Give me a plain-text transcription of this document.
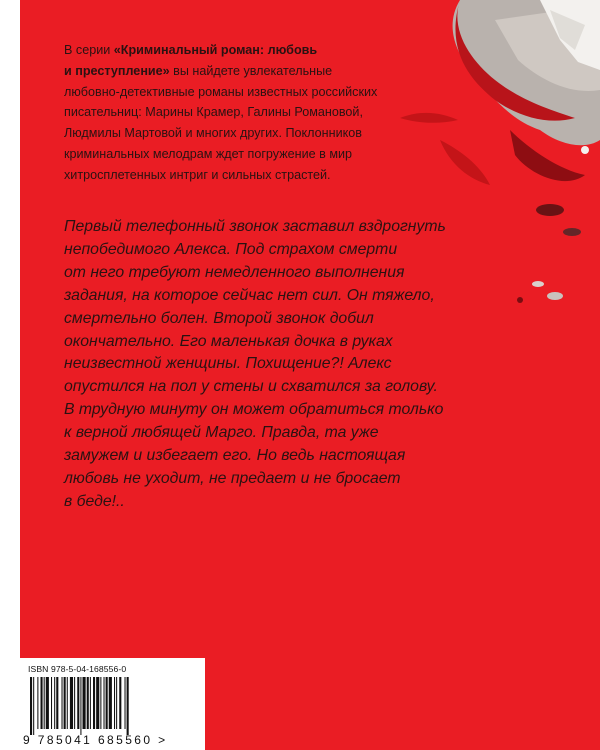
В серии «Криминальный роман: любовь
и преступление» вы найдете увлекательные
любовно-детективные романы известных российских
писательниц: Марины Крамер, Галины Романовой,
Людмилы Мартовой и многих других. Поклонников
криминальных мелодрам ждет погружение в мир
хитросплетенных интриг и сильных страстей.

Первый телефонный звонок заставил вздрогнуть
непобедимого Алекса. Под страхом смерти
от него требуют немедленного выполнения
задания, на которое сейчас нет сил. Он тяжело,
смертельно болен. Второй звонок добил
окончательно. Его маленькая дочка в руках
неизвестной женщины. Похищение?! Алекс
опустился на пол у стены и схватился за голову.
В трудную минуту он может обратиться только
к верной любящей Марго. Правда, та уже
замужем и избегает его. Но ведь настоящая
любовь не уходит, не предает и не бросает
в беде!..

ISBN 978-5-04-168556-0
9 785041 685560 >
